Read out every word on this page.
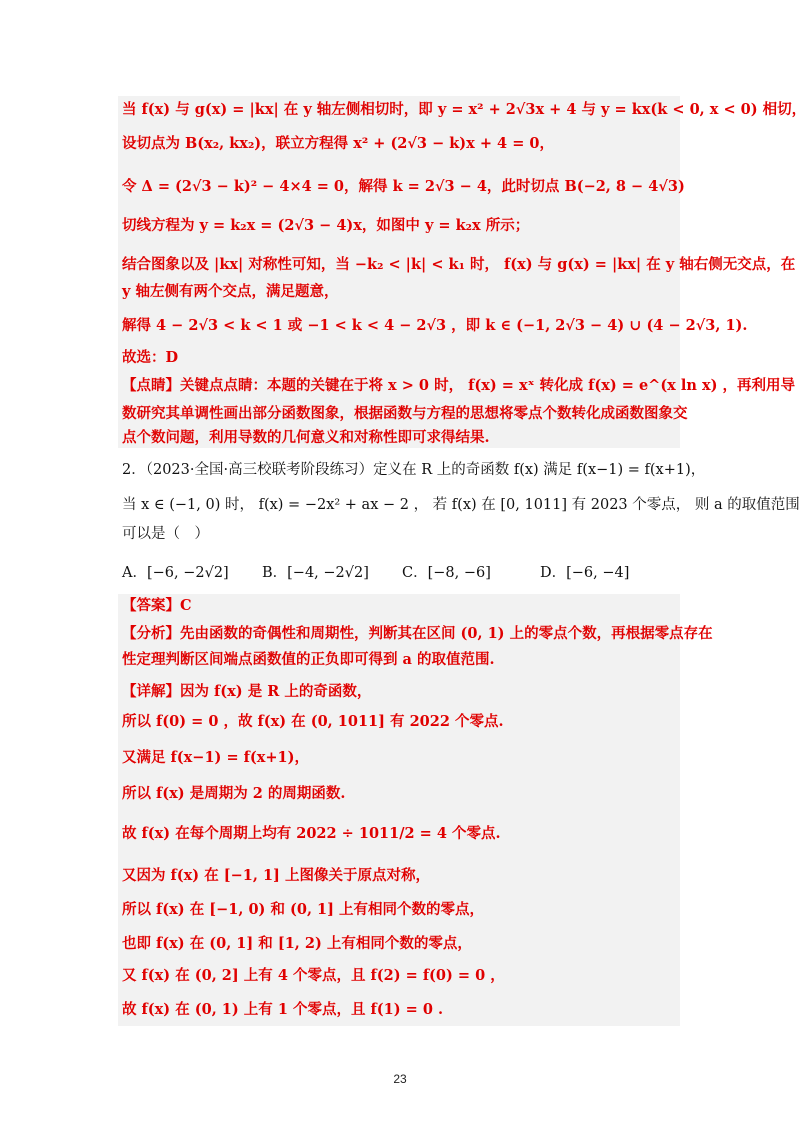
当 f(x) 与 g(x) = |kx| 在 y 轴左侧相切时，即 y = x² + 2√3x + 4 与 y = kx(k < 0, x < 0) 相切，
设切点为 B(x₂, kx₂)，联立方程得 x² + (2√3 − k)x + 4 = 0，
令 Δ = (2√3 − k)² − 4×4 = 0，解得 k = 2√3 − 4，此时切点 B(−2, 8 − 4√3)
切线方程为 y = k₂x = (2√3 − 4)x，如图中 y = k₂x 所示；
结合图象以及 |kx| 对称性可知，当 −k₂ < |k| < k₁ 时， f(x) 与 g(x) = |kx| 在 y 轴右侧无交点，在
y 轴左侧有两个交点，满足题意，
解得 4 − 2√3 < k < 1 或 −1 < k < 4 − 2√3 ，即 k ∈ (−1, 2√3 − 4) ∪ (4 − 2√3, 1).
故选：D
【点睛】关键点点睛：本题的关键在于将 x > 0 时， f(x) = xˣ 转化成 f(x) = e^(x ln x) ，再利用导
数研究其单调性画出部分函数图象，根据函数与方程的思想将零点个数转化成函数图象交
点个数问题，利用导数的几何意义和对称性即可求得结果.
2．（2023·全国·高三校联考阶段练习）定义在 R 上的奇函数 f(x) 满足 f(x−1) = f(x+1)，
当 x ∈ (−1, 0) 时， f(x) = −2x² + ax − 2 ， 若 f(x) 在 [0, 1011] 有 2023 个零点， 则 a 的取值范围
可以是（　）
A．[−6, −2√2] B．[−4, −2√2] C．[−8, −6]	D．[−6, −4]
【答案】C
【分析】先由函数的奇偶性和周期性，判断其在区间 (0, 1) 上的零点个数，再根据零点存在
性定理判断区间端点函数值的正负即可得到 a 的取值范围.
【详解】因为 f(x) 是 R 上的奇函数，
所以 f(0) = 0 ，故 f(x) 在 (0, 1011] 有 2022 个零点.
又满足 f(x−1) = f(x+1)，
所以 f(x) 是周期为 2 的周期函数.
故 f(x) 在每个周期上均有 2022 ÷ 1011/2 = 4 个零点.
又因为 f(x) 在 [−1, 1] 上图像关于原点对称，
所以 f(x) 在 [−1, 0) 和 (0, 1] 上有相同个数的零点，
也即 f(x) 在 (0, 1] 和 [1, 2) 上有相同个数的零点，
又 f(x) 在 (0, 2] 上有 4 个零点，且 f(2) = f(0) = 0 ，
故 f(x) 在 (0, 1) 上有 1 个零点，且 f(1) = 0 .
23
